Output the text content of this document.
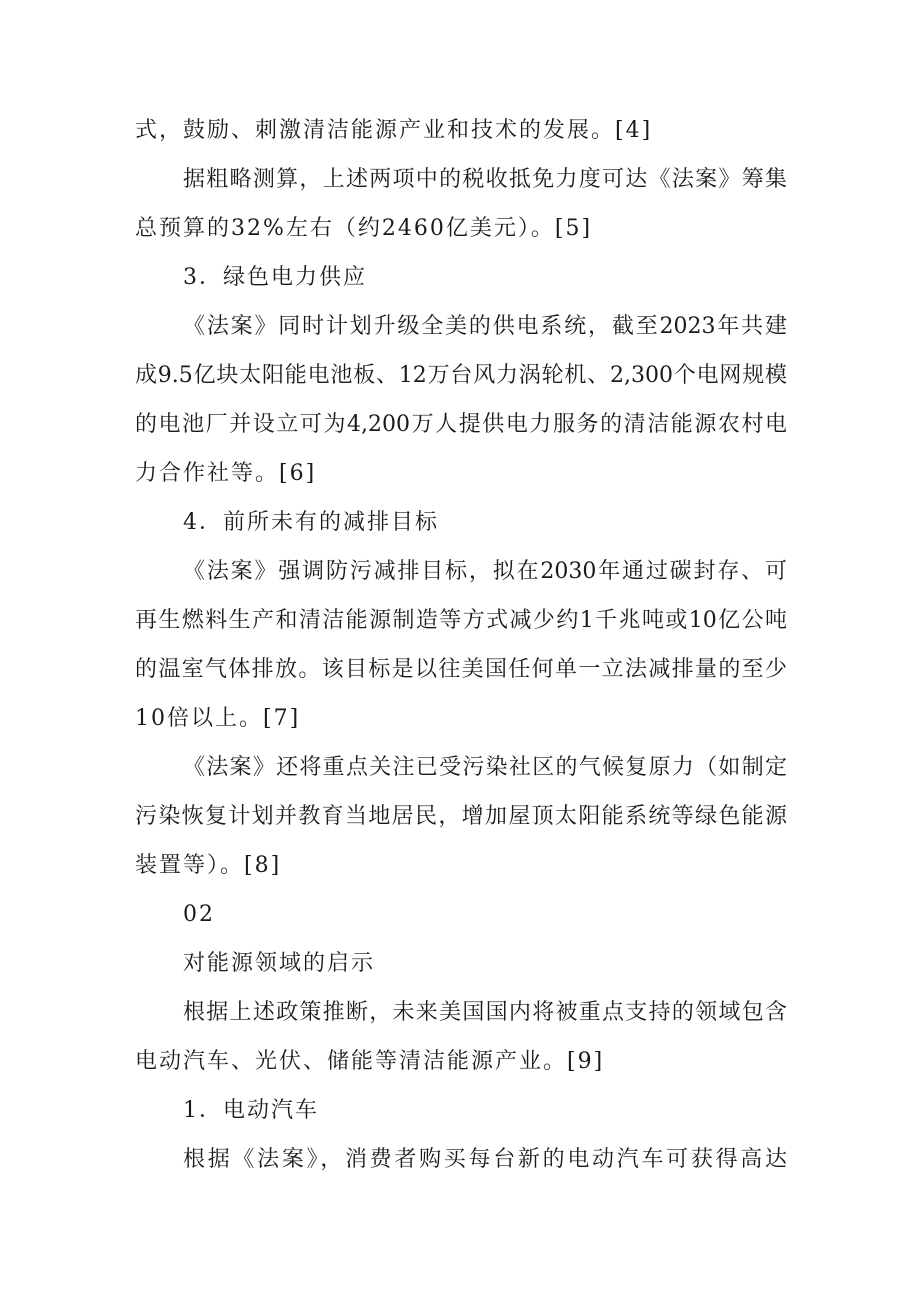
式，鼓励、刺激清洁能源产业和技术的发展。[4]
据粗略测算，上述两项中的税收抵免力度可达《法案》筹集
总预算的32%左右（约2460亿美元）。[5]
3．绿色电力供应
《法案》同时计划升级全美的供电系统，截至2023年共建
成9.5亿块太阳能电池板、12万台风力涡轮机、2,300个电网规模
的电池厂并设立可为4,200万人提供电力服务的清洁能源农村电
力合作社等。[6]
4．前所未有的减排目标
《法案》强调防污减排目标，拟在2030年通过碳封存、可
再生燃料生产和清洁能源制造等方式减少约1千兆吨或10亿公吨
的温室气体排放。该目标是以往美国任何单一立法减排量的至少
10倍以上。[7]
《法案》还将重点关注已受污染社区的气候复原力（如制定
污染恢复计划并教育当地居民，增加屋顶太阳能系统等绿色能源
装置等）。[8]
02
对能源领域的启示
根据上述政策推断，未来美国国内将被重点支持的领域包含
电动汽车、光伏、储能等清洁能源产业。[9]
1．电动汽车
根据《法案》，消费者购买每台新的电动汽车可获得高达
